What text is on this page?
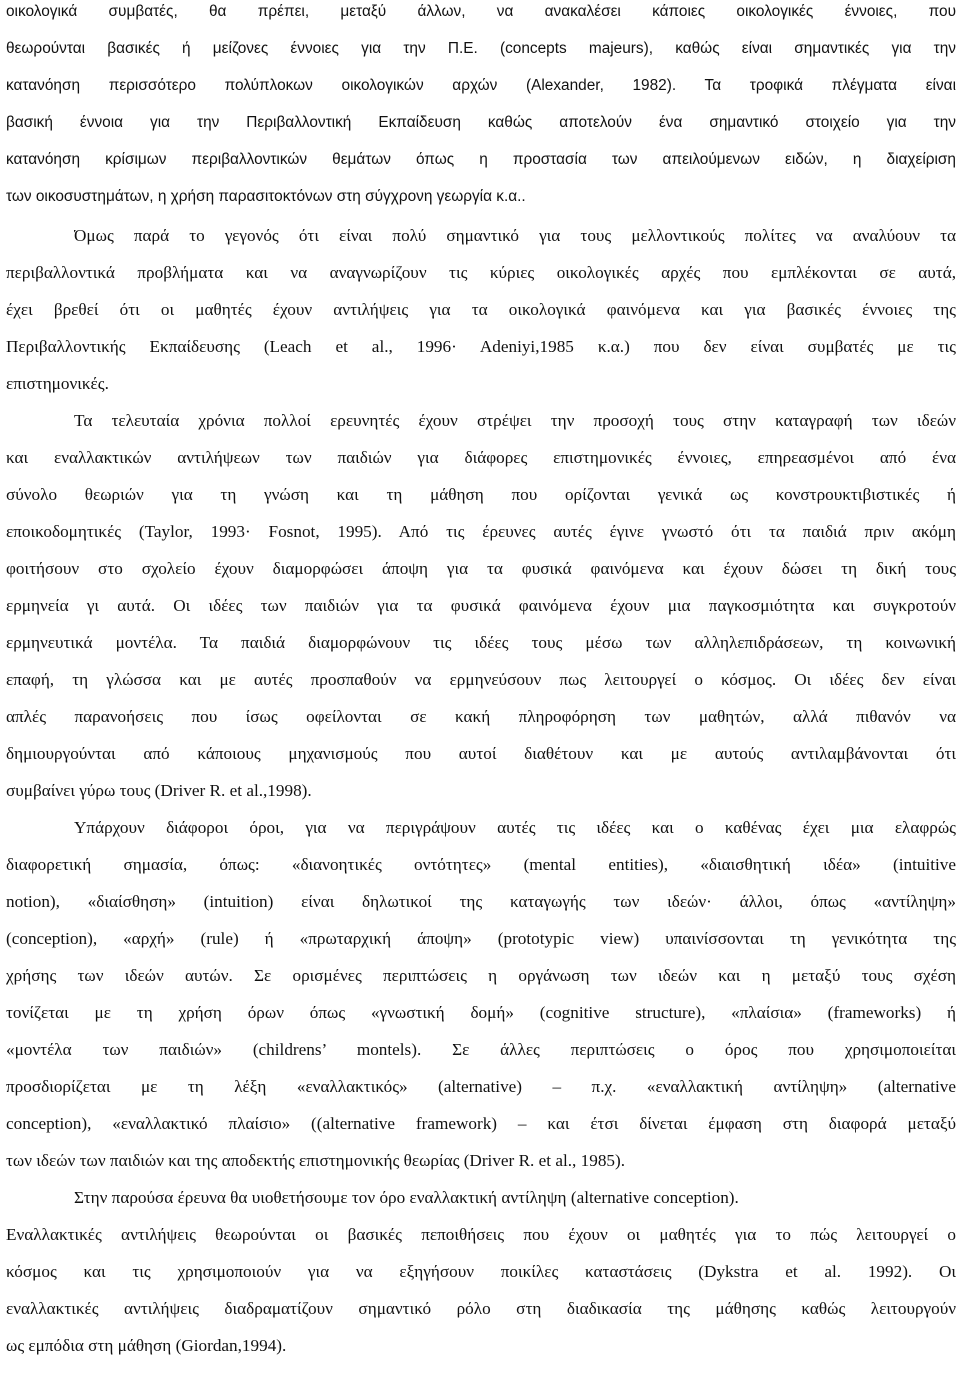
οικολογικά συμβατές, θα πρέπει, μεταξύ άλλων, να ανακαλέσει κάποιες οικολογικές έννοιες, που
θεωρούνται βασικές ή μείζονες έννοιες για την Π.Ε. (concepts majeurs), καθώς είναι σημαντικές για την
κατανόηση περισσότερο πολύπλοκων οικολογικών αρχών (Alexander, 1982). Τα τροφικά πλέγματα είναι
βασική έννοια για την Περιβαλλοντική Εκπαίδευση καθώς αποτελούν ένα σημαντικό στοιχείο για την
κατανόηση κρίσιμων περιβαλλοντικών θεμάτων όπως η προστασία των απειλούμενων ειδών, η διαχείριση
των οικοσυστημάτων, η χρήση παρασιτοκτόνων στη σύγχρονη γεωργία κ.α..
Όμως παρά το γεγονός ότι είναι πολύ σημαντικό για τους μελλοντικούς πολίτες να αναλύουν τα
περιβαλλοντικά προβλήματα και να αναγνωρίζουν τις κύριες οικολογικές αρχές που εμπλέκονται σε αυτά,
έχει βρεθεί ότι οι μαθητές έχουν αντιλήψεις για τα οικολογικά φαινόμενα και για βασικές έννοιες της
Περιβαλλοντικής Εκπαίδευσης (Leach et al., 1996· Adeniyi,1985 κ.α.) που δεν είναι συμβατές με τις
επιστημονικές.
Τα τελευταία χρόνια πολλοί ερευνητές έχουν στρέψει την προσοχή τους στην καταγραφή των ιδεών
και εναλλακτικών αντιλήψεων των παιδιών για διάφορες επιστημονικές έννοιες, επηρεασμένοι από ένα
σύνολο θεωριών για τη γνώση και τη μάθηση που ορίζονται γενικά ως κονστρουκτιβιστικές ή
εποικοδομητικές (Taylor, 1993· Fosnot, 1995). Από τις έρευνες αυτές έγινε γνωστό ότι τα παιδιά πριν ακόμη
φοιτήσουν στο σχολείο έχουν διαμορφώσει άποψη για τα φυσικά φαινόμενα και έχουν δώσει τη δική τους
ερμηνεία γι αυτά. Οι ιδέες των παιδιών για τα φυσικά φαινόμενα έχουν μια παγκοσμιότητα και συγκροτούν
ερμηνευτικά μοντέλα. Τα παιδιά διαμορφώνουν τις ιδέες τους μέσω των αλληλεπιδράσεων, τη κοινωνική
επαφή, τη γλώσσα και με αυτές προσπαθούν να ερμηνεύσουν πως λειτουργεί ο κόσμος. Οι ιδέες δεν είναι
απλές παρανοήσεις που ίσως οφείλονται σε κακή πληροφόρηση των μαθητών, αλλά πιθανόν να
δημιουργούνται από κάποιους μηχανισμούς που αυτοί διαθέτουν και με αυτούς αντιλαμβάνονται ότι
συμβαίνει γύρω τους (Driver R. et al.,1998).
Υπάρχουν διάφοροι όροι, για να περιγράψουν αυτές τις ιδέες και ο καθένας έχει μια ελαφρώς
διαφορετική σημασία, όπως: «διανοητικές οντότητες» (mental entities), «διαισθητική ιδέα» (intuitive
notion), «διαίσθηση» (intuition) είναι δηλωτικοί της καταγωγής των ιδεών· άλλοι, όπως «αντίληψη»
(conception), «αρχή» (rule) ή «πρωταρχική άποψη» (prototypic view) υπαινίσσονται τη γενικότητα της
χρήσης των ιδεών αυτών. Σε ορισμένες περιπτώσεις η οργάνωση των ιδεών και η μεταξύ τους σχέση
τονίζεται με τη χρήση όρων όπως «γνωστική δομή» (cognitive structure), «πλαίσια» (frameworks) ή
«μοντέλα των παιδιών» (childrens’ montels). Σε άλλες περιπτώσεις ο όρος που χρησιμοποιείται
προσδιορίζεται με τη λέξη «εναλλακτικός» (alternative) – π.χ. «εναλλακτική αντίληψη» (alternative
conception), «εναλλακτικό πλαίσιο» ((alternative framework) – και έτσι δίνεται έμφαση στη διαφορά μεταξύ
των ιδεών των παιδιών και της αποδεκτής επιστημονικής θεωρίας (Driver R. et al., 1985).
Στην παρούσα έρευνα θα υιοθετήσουμε τον όρο εναλλακτική αντίληψη (alternative conception).
Εναλλακτικές αντιλήψεις θεωρούνται οι βασικές πεποιθήσεις που έχουν οι μαθητές για το πώς λειτουργεί ο
κόσμος και τις χρησιμοποιούν για να εξηγήσουν ποικίλες καταστάσεις (Dykstra et al. 1992). Οι
εναλλακτικές αντιλήψεις διαδραματίζουν σημαντικό ρόλο στη διαδικασία της μάθησης καθώς λειτουργούν
ως εμπόδια στη μάθηση (Giordan,1994).
